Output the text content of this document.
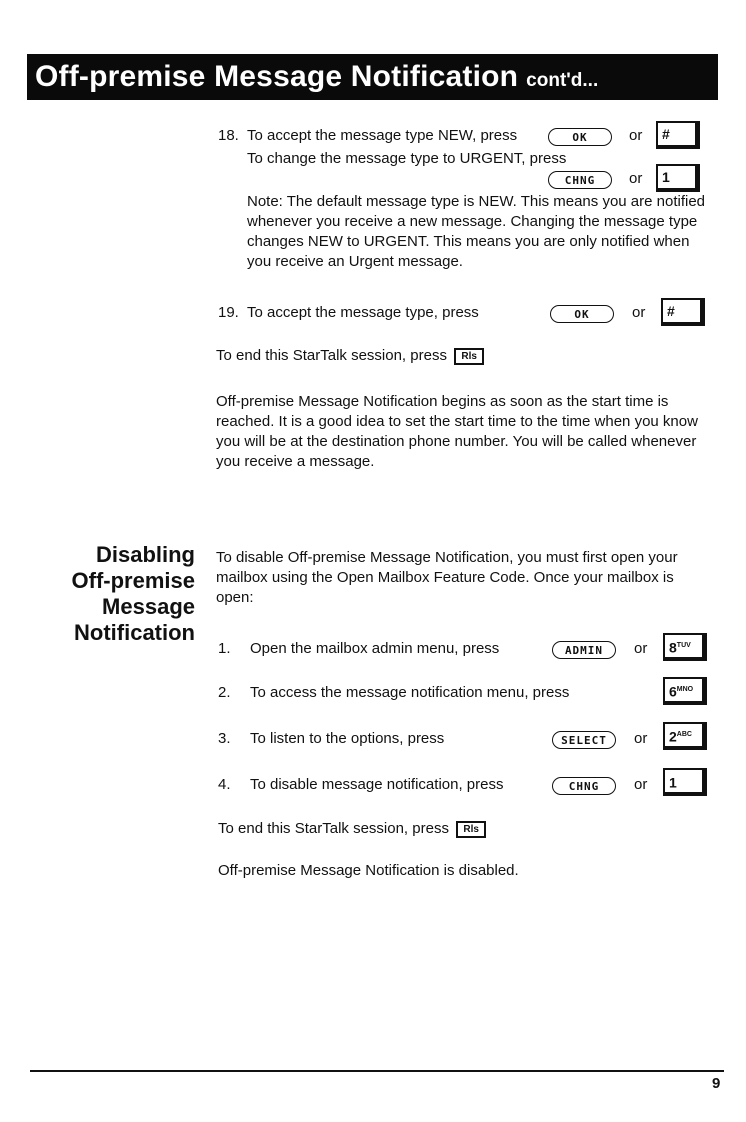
Off-premise Message Notification cont'd...
18. To accept the message type NEW, press	OK	or	#
To change the message type to URGENT, press
CHNG	or	1
Note: The default message type is NEW. This means you are notified whenever you receive a new message. Changing the message type changes NEW to URGENT. This means you are only notified when you receive an Urgent message.
19. To accept the message type, press	OK	or	#
To end this StarTalk session, press Rls
Off-premise Message Notification begins as soon as the start time is reached. It is a good idea to set the start time to the time when you know you will be at the destination phone number. You will be called whenever you receive a message.
Disabling
Off-premise
Message
Notification
To disable Off-premise Message Notification, you must first open your mailbox using the Open Mailbox Feature Code. Once your mailbox is open:
1. Open the mailbox admin menu, press	ADMIN	or	$8^{TUV}$
2. To access the message notification menu, press	$6^{MNO}$
3. To listen to the options, press	SELECT	or	$2^{ABC}$
4. To disable message notification, press	CHNG	or	1
To end this StarTalk session, press Rls
Off-premise Message Notification is disabled.
9
